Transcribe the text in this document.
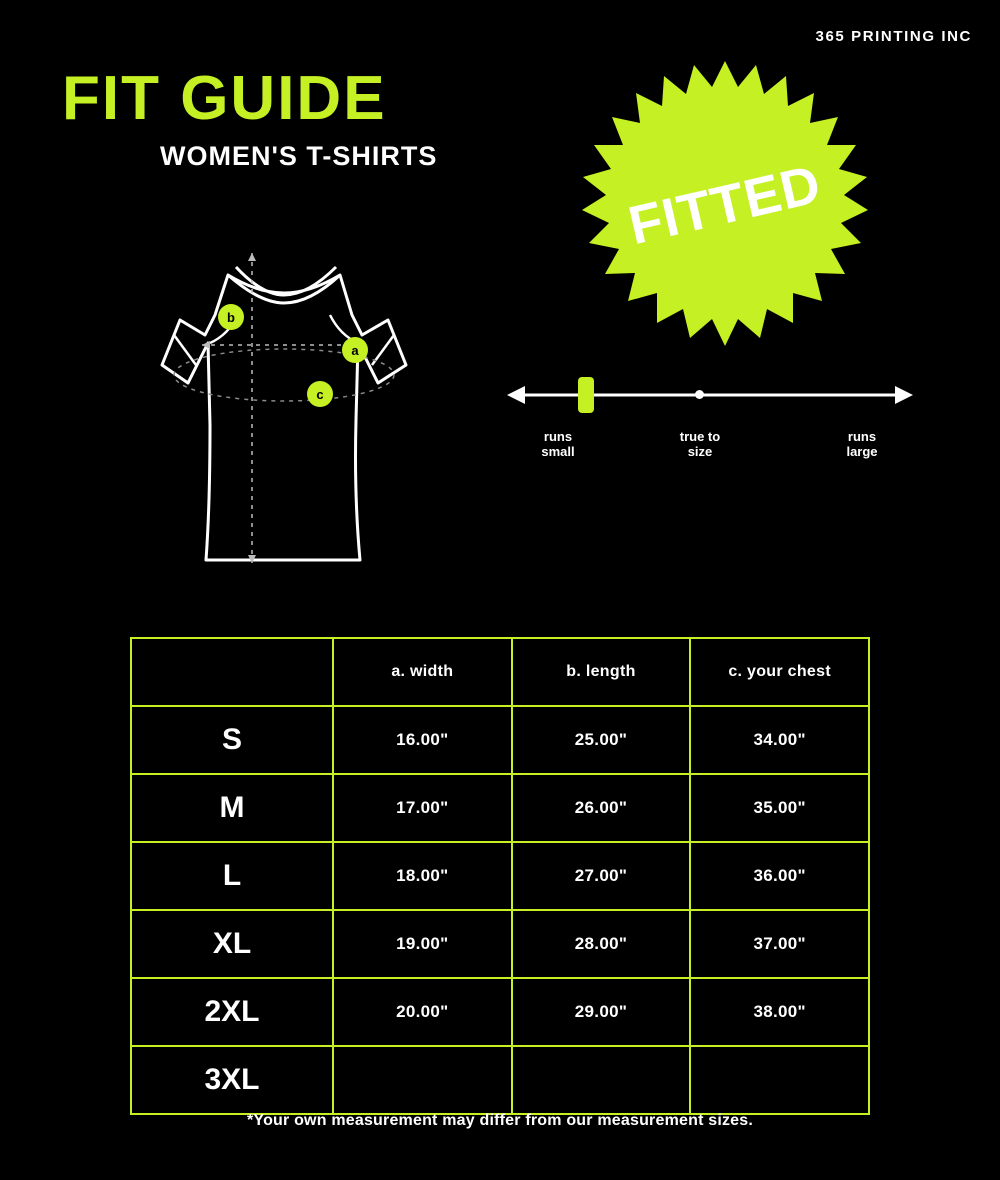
365 PRINTING INC
FIT GUIDE
WOMEN'S T-SHIRTS
a
b
c
FITTED
runs
small
true to
size
runs
large
	a. width	b. length	c. your chest
S	16.00"	25.00"	34.00"
M	17.00"	26.00"	35.00"
L	18.00"	27.00"	36.00"
XL	19.00"	28.00"	37.00"
2XL	20.00"	29.00"	38.00"
3XL			
*Your own measurement may differ from our measurement sizes.
